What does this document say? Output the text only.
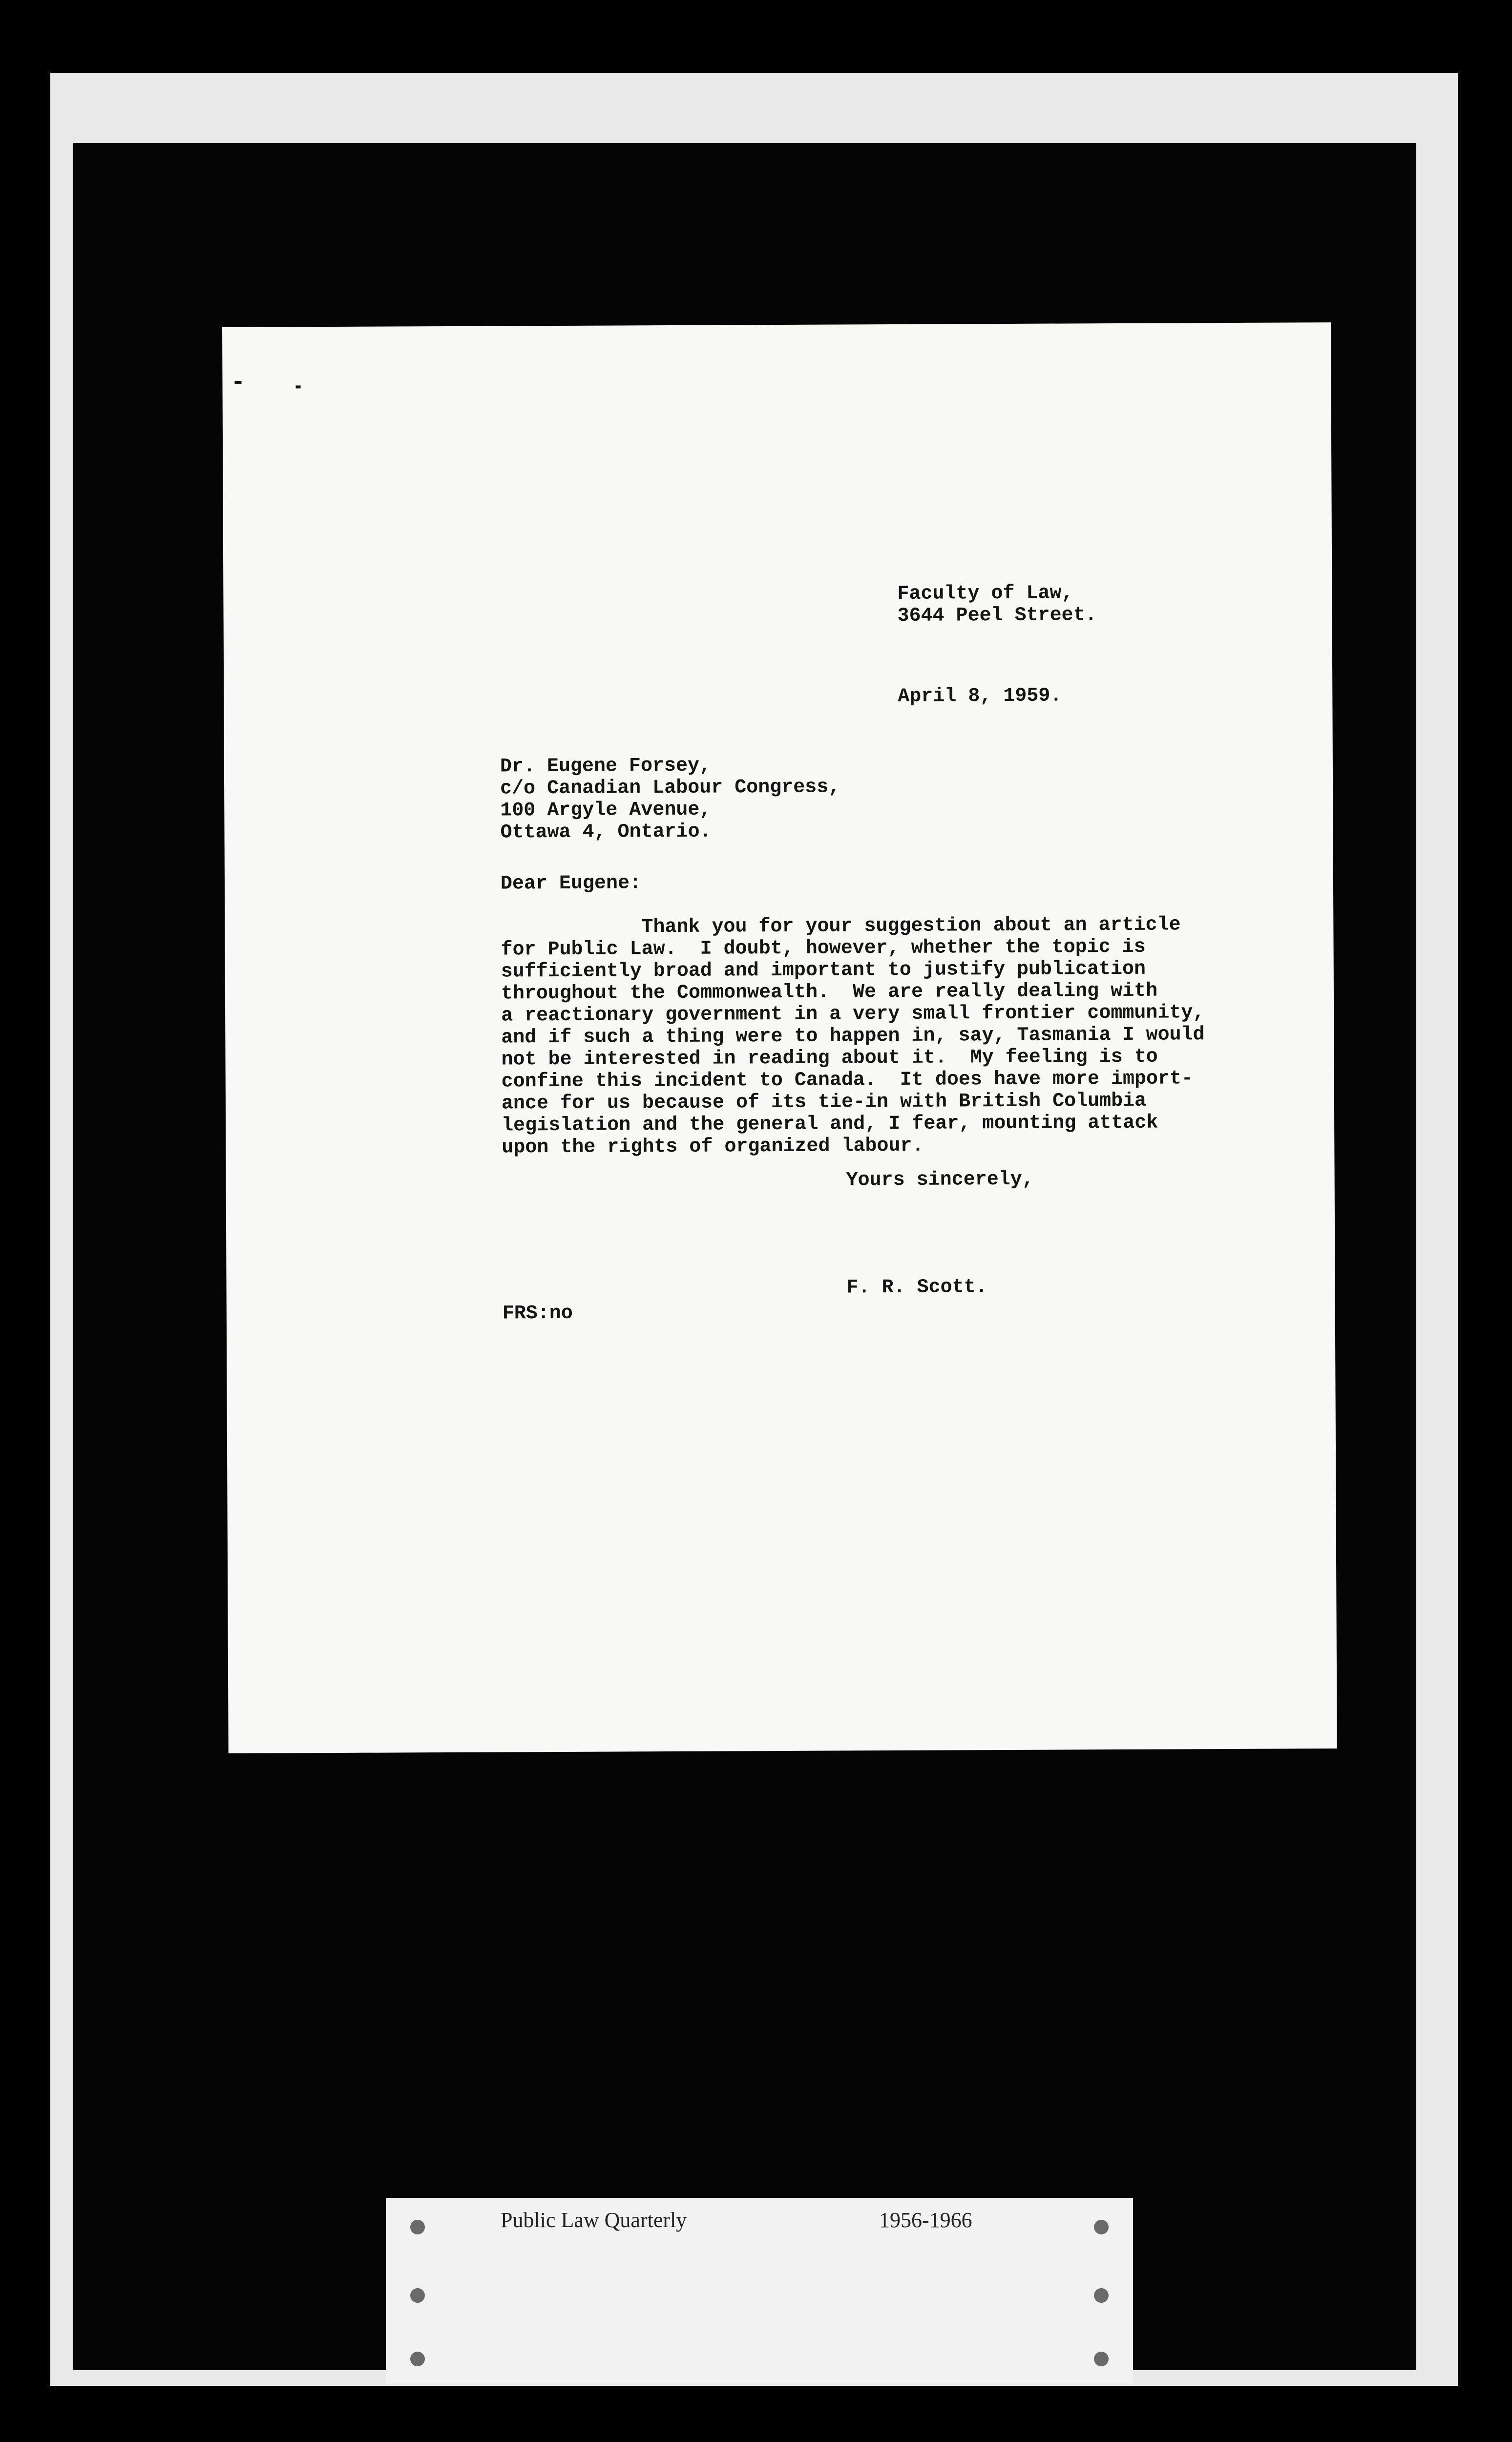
Faculty of Law,
3644 Peel Street.
April 8, 1959.
Dr. Eugene Forsey,
c/o Canadian Labour Congress,
100 Argyle Avenue,
Ottawa 4, Ontario.
Dear Eugene:
Thank you for your suggestion about an article
for Public Law.  I doubt, however, whether the topic is
sufficiently broad and important to justify publication
throughout the Commonwealth.  We are really dealing with
a reactionary government in a very small frontier community,
and if such a thing were to happen in, say, Tasmania I would
not be interested in reading about it.  My feeling is to
confine this incident to Canada.  It does have more import-
ance for us because of its tie-in with British Columbia
legislation and the general and, I fear, mounting attack
upon the rights of organized labour.
Yours sincerely,
F. R. Scott.
FRS:no
Public Law Quarterly	1956-1966
